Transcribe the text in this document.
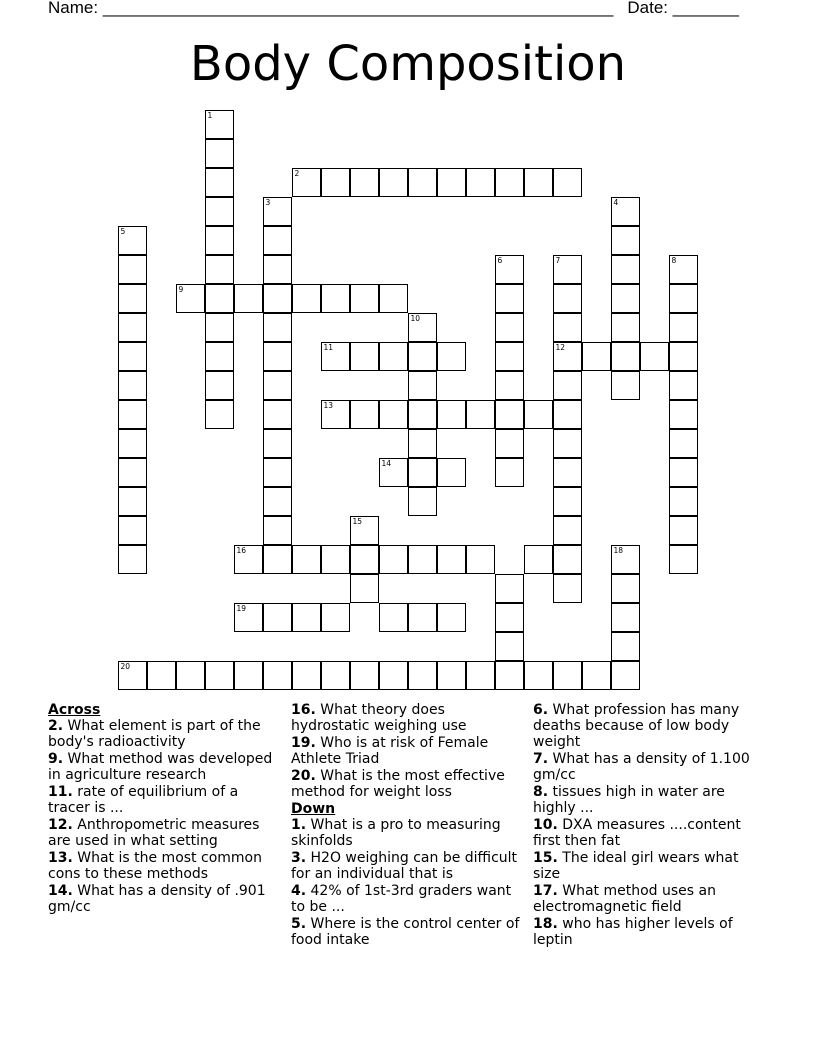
Name: ______________________________________________________ Date: _______
Body Composition
1
2
3	4
5
6	7
12
8
9
10
11
13
14
15
16	18
19
20

Across

2. What element is part of the body's radioactivity

9. What method was developed in agriculture research

11. rate of equilibrium of a tracer is ...

12. Anthropometric measures are used in what setting

13. What is the most common cons to these methods

14. What has a density of .901 gm/cc

16. What theory does hydrostatic weighing use

19. Who is at risk of Female Athlete Triad

20. What is the most effective method for weight loss

Down

1. What is a pro to measuring skinfolds

3. H2O weighing can be difficult for an individual that is

4. 42% of 1st-3rd graders want to be ...

5. Where is the control center of food intake

6. What profession has many deaths because of low body weight

7. What has a density of 1.100 gm/cc

8. tissues high in water are highly ...

10. DXA measures ....content first then fat

15. The ideal girl wears what size

17. What method uses an electromagnetic field

18. who has higher levels of leptin
